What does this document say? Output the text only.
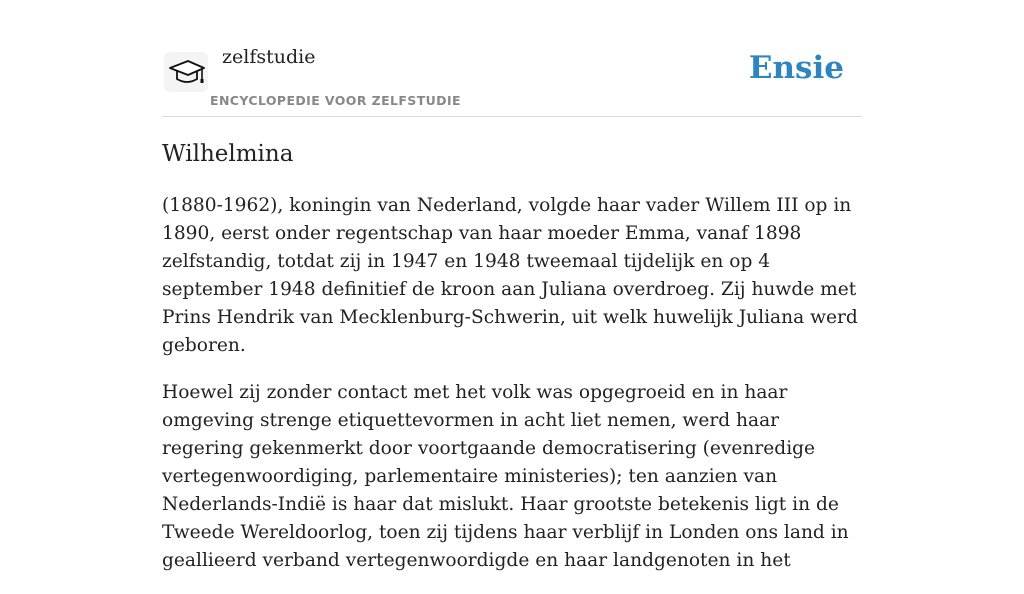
zelfstudie
ENCYCLOPEDIE VOOR ZELFSTUDIE
Ensie
Wilhelmina

(1880-1962), koningin van Nederland, volgde haar vader Willem III op in 1890, eerst onder regentschap van haar moeder Emma, vanaf 1898 zelfstandig, totdat zij in 1947 en 1948 tweemaal tijdelijk en op 4 september 1948 definitief de kroon aan Juliana overdroeg. Zij huwde met Prins Hendrik van Mecklenburg-Schwerin, uit welk huwelijk Juliana werd geboren.

Hoewel zij zonder contact met het volk was opgegroeid en in haar omgeving strenge etiquettevormen in acht liet nemen, werd haar regering gekenmerkt door voortgaande democratisering (evenredige vertegenwoordiging, parlementaire ministeries); ten aanzien van Nederlands-Indië is haar dat mislukt. Haar grootste betekenis ligt in de Tweede Wereldoorlog, toen zij tijdens haar verblijf in Londen ons land in geallieerd verband vertegenwoordigde en haar landgenoten in het
